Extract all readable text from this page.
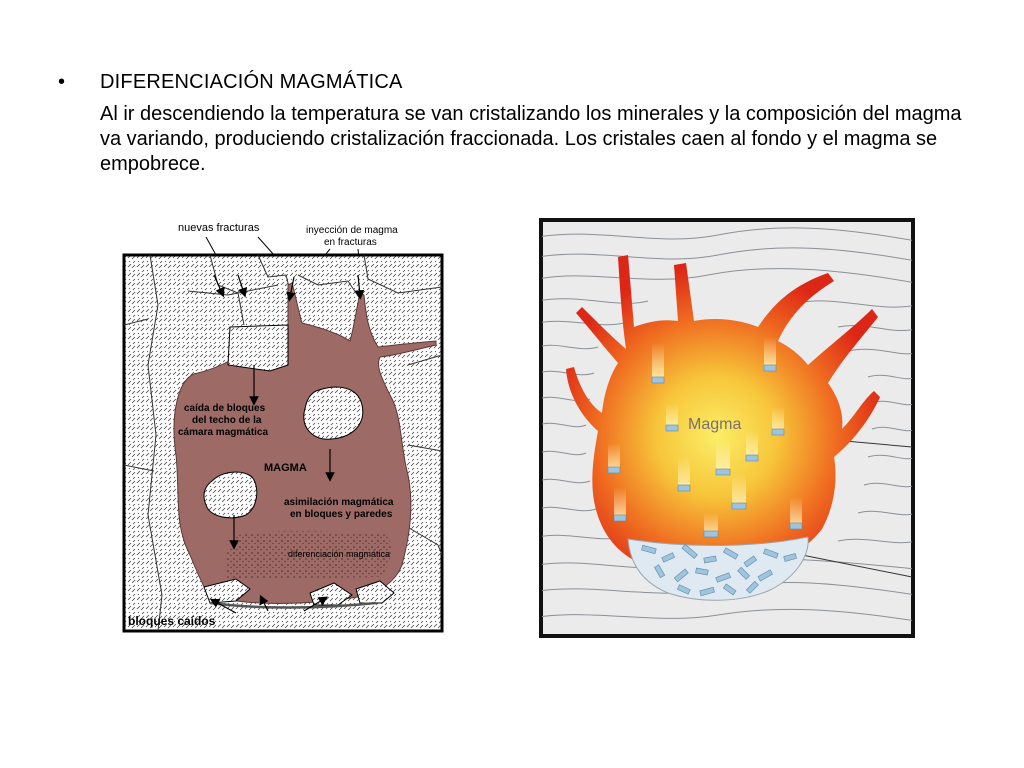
• DIFERENCIACIÓN MAGMÁTICA
Al ir descendiendo la temperatura se van cristalizando los minerales y la composición del magma va variando, produciendo cristalización fraccionada. Los cristales caen al fondo y el magma se empobrece.
nuevas fracturas	inyección de magma
en fracturas
caída de bloques
del techo de la
cámara magmática
MAGMA
asimilación magmática
en bloques y paredes
diferenciación magmática
bloques caídos
Magma
